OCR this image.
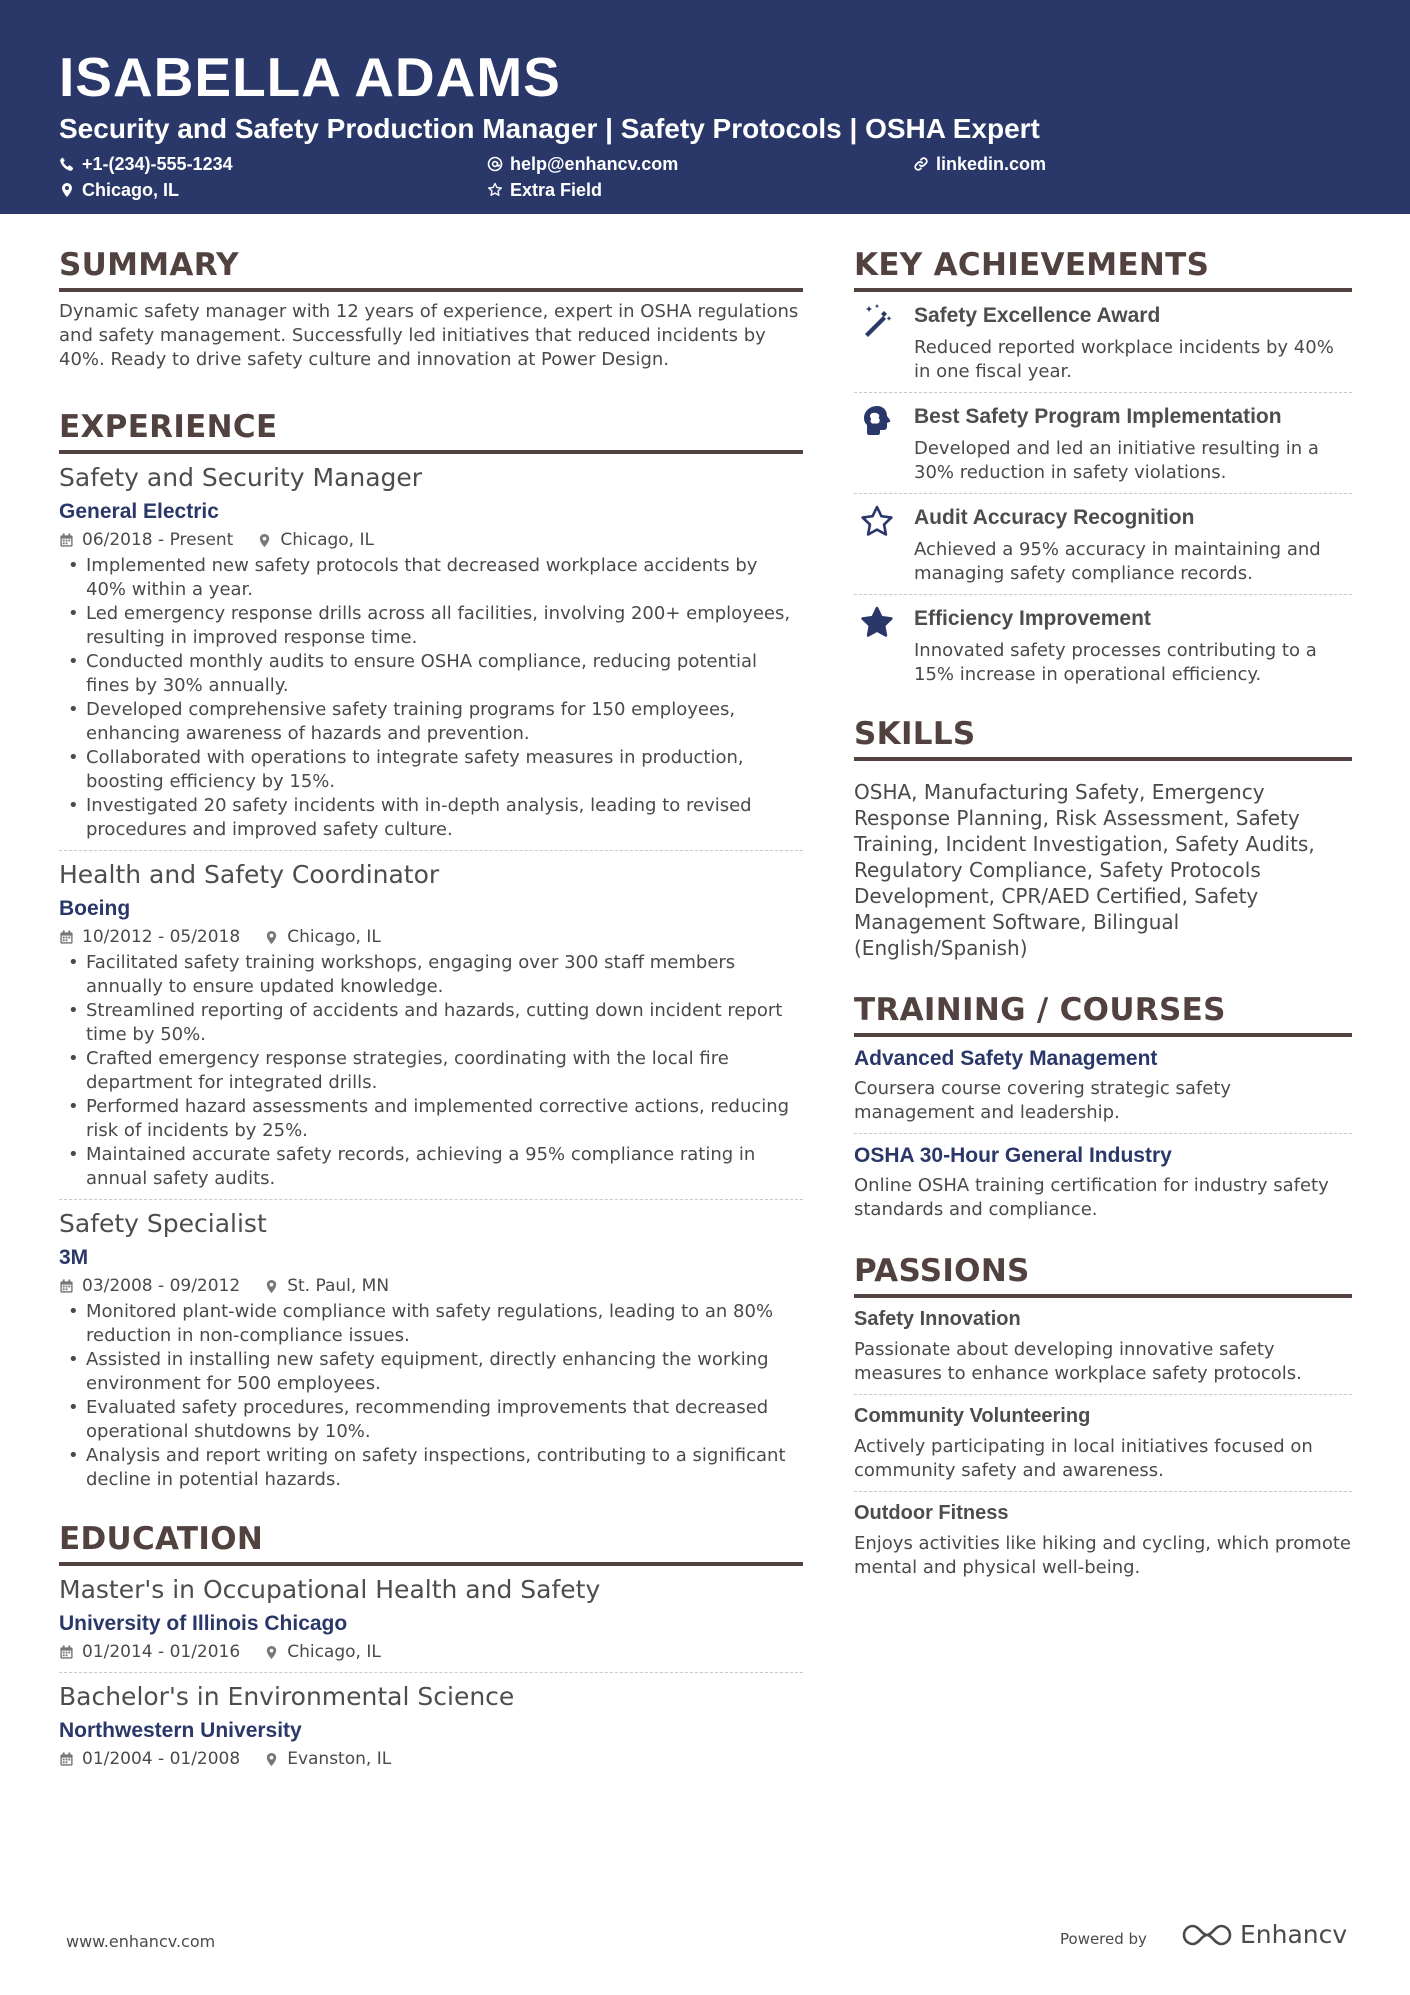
ISABELLA ADAMS
Security and Safety Production Manager | Safety Protocols | OSHA Expert
+1-(234)-555-1234	help@enhancv.com	linkedin.com
Chicago, IL	Extra Field
SUMMARY
Dynamic safety manager with 12 years of experience, expert in OSHA regulations and safety management. Successfully led initiatives that reduced incidents by 40%. Ready to drive safety culture and innovation at Power Design.
EXPERIENCE
Safety and Security Manager
General Electric
06/2018 - Present	Chicago, IL
• Implemented new safety protocols that decreased workplace accidents by 40% within a year.
• Led emergency response drills across all facilities, involving 200+ employees, resulting in improved response time.
• Conducted monthly audits to ensure OSHA compliance, reducing potential fines by 30% annually.
• Developed comprehensive safety training programs for 150 employees, enhancing awareness of hazards and prevention.
• Collaborated with operations to integrate safety measures in production, boosting efficiency by 15%.
• Investigated 20 safety incidents with in-depth analysis, leading to revised procedures and improved safety culture.
Health and Safety Coordinator
Boeing
10/2012 - 05/2018	Chicago, IL
• Facilitated safety training workshops, engaging over 300 staff members annually to ensure updated knowledge.
• Streamlined reporting of accidents and hazards, cutting down incident report time by 50%.
• Crafted emergency response strategies, coordinating with the local fire department for integrated drills.
• Performed hazard assessments and implemented corrective actions, reducing risk of incidents by 25%.
• Maintained accurate safety records, achieving a 95% compliance rating in annual safety audits.
Safety Specialist
3M
03/2008 - 09/2012	St. Paul, MN
• Monitored plant-wide compliance with safety regulations, leading to an 80% reduction in non-compliance issues.
• Assisted in installing new safety equipment, directly enhancing the working environment for 500 employees.
• Evaluated safety procedures, recommending improvements that decreased operational shutdowns by 10%.
• Analysis and report writing on safety inspections, contributing to a significant decline in potential hazards.
EDUCATION
Master's in Occupational Health and Safety
University of Illinois Chicago
01/2014 - 01/2016	Chicago, IL
Bachelor's in Environmental Science
Northwestern University
01/2004 - 01/2008	Evanston, IL
KEY ACHIEVEMENTS
Safety Excellence Award
Reduced reported workplace incidents by 40% in one fiscal year.
Best Safety Program Implementation
Developed and led an initiative resulting in a 30% reduction in safety violations.
Audit Accuracy Recognition
Achieved a 95% accuracy in maintaining and managing safety compliance records.
Efficiency Improvement
Innovated safety processes contributing to a 15% increase in operational efficiency.
SKILLS
OSHA, Manufacturing Safety, Emergency Response Planning, Risk Assessment, Safety Training, Incident Investigation, Safety Audits, Regulatory Compliance, Safety Protocols Development, CPR/AED Certified, Safety Management Software, Bilingual (English/Spanish)
TRAINING / COURSES
Advanced Safety Management
Coursera course covering strategic safety management and leadership.
OSHA 30-Hour General Industry
Online OSHA training certification for industry safety standards and compliance.
PASSIONS
Safety Innovation
Passionate about developing innovative safety measures to enhance workplace safety protocols.
Community Volunteering
Actively participating in local initiatives focused on community safety and awareness.
Outdoor Fitness
Enjoys activities like hiking and cycling, which promote mental and physical well-being.
www.enhancv.com	Powered by	Enhancv
